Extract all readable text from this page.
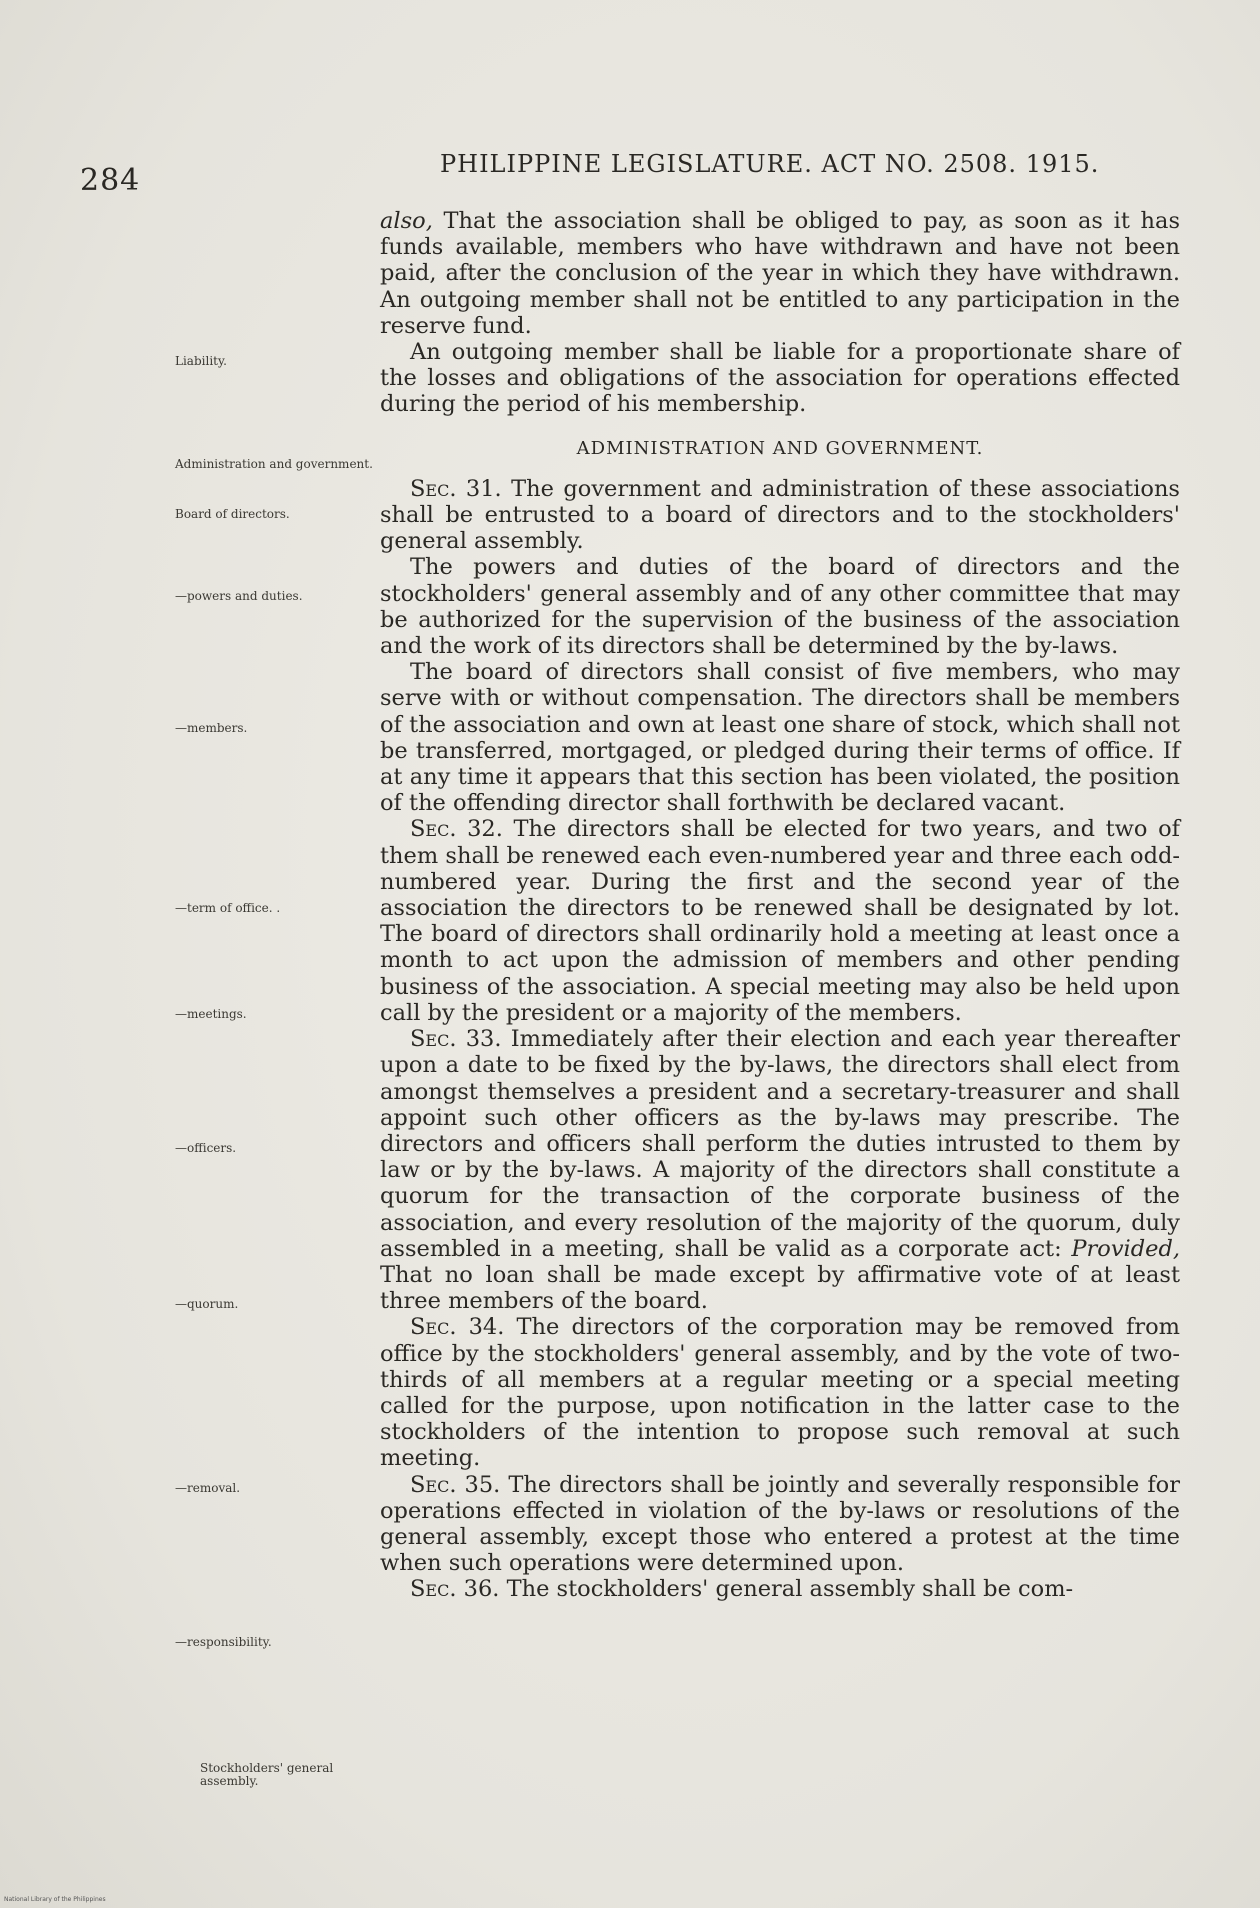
284	PHILIPPINE LEGISLATURE. ACT NO. 2508. 1915.
Liability.
Administration and government.
Board of directors.
—powers and duties.
—members.
—term of office. .
—meetings.
—officers.
—quorum.
—removal.
—responsibility.
Stockholders' general assembly.

also, That the association shall be obliged to pay, as soon as it has funds available, members who have withdrawn and have not been paid, after the conclusion of the year in which they have withdrawn. An outgoing member shall not be entitled to any participation in the reserve fund.

An outgoing member shall be liable for a proportionate share of the losses and obligations of the association for operations effected during the period of his membership.

ADMINISTRATION AND GOVERNMENT.

Sec. 31. The government and administration of these associations shall be entrusted to a board of directors and to the stockholders' general assembly.

The powers and duties of the board of directors and the stockholders' general assembly and of any other committee that may be authorized for the supervision of the business of the association and the work of its directors shall be determined by the by-laws.

The board of directors shall consist of five members, who may serve with or without compensation. The directors shall be members of the association and own at least one share of stock, which shall not be transferred, mortgaged, or pledged during their terms of office. If at any time it appears that this section has been violated, the position of the offending director shall forthwith be declared vacant.

Sec. 32. The directors shall be elected for two years, and two of them shall be renewed each even-numbered year and three each odd-numbered year. During the first and the second year of the association the directors to be renewed shall be designated by lot. The board of directors shall ordinarily hold a meeting at least once a month to act upon the admission of members and other pending business of the association. A special meeting may also be held upon call by the president or a majority of the members.

Sec. 33. Immediately after their election and each year thereafter upon a date to be fixed by the by-laws, the directors shall elect from amongst themselves a president and a secretary-treasurer and shall appoint such other officers as the by-laws may prescribe. The directors and officers shall perform the duties intrusted to them by law or by the by-laws. A majority of the directors shall constitute a quorum for the transaction of the corporate business of the association, and every resolution of the majority of the quorum, duly assembled in a meeting, shall be valid as a corporate act: Provided, That no loan shall be made except by affirmative vote of at least three members of the board.

Sec. 34. The directors of the corporation may be removed from office by the stockholders' general assembly, and by the vote of two-thirds of all members at a regular meeting or a special meeting called for the purpose, upon notification in the latter case to the stockholders of the intention to propose such removal at such meeting.

Sec. 35. The directors shall be jointly and severally responsible for operations effected in violation of the by-laws or resolutions of the general assembly, except those who entered a protest at the time when such operations were determined upon.

Sec. 36. The stockholders' general assembly shall be com-

National Library of the Philippines
